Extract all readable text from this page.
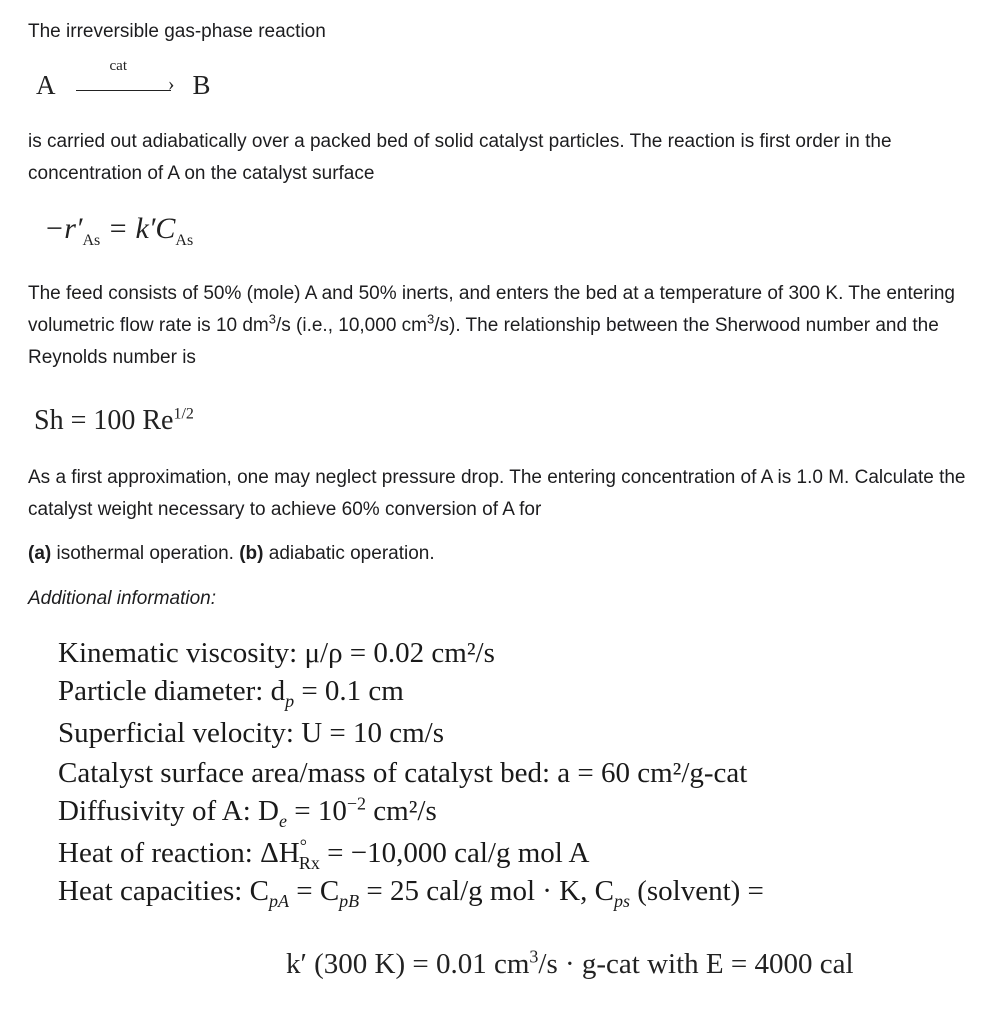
The irreversible gas-phase reaction

A	›
cat
B

is carried out adiabatically over a packed bed of solid catalyst particles. The reaction is first order in the concentration of A on the catalyst surface

$-r'_{As} = k'C_{As}$

The feed consists of 50% (mole) A and 50% inerts, and enters the bed at a temperature of 300 K. The entering volumetric flow rate is 10 $dm^3/s$ (i.e., 10,000 $cm^3/s$). The relationship between the Sherwood number and the Reynolds number is

Sh = 100 $Re^{1/2}$

As a first approximation, one may neglect pressure drop. The entering concentration of A is 1.0 M. Calculate the catalyst weight necessary to achieve 60% conversion of A for

(a) isothermal operation. (b) adiabatic operation.

Additional information:

Kinematic viscosity: μ/ρ = 0.02 cm²/s
Particle diameter: $d_p = 0.1$ cm
Superficial velocity: U = 10 cm/s
Catalyst surface area/mass of catalyst bed: a = 60 cm²/g-cat
Diffusivity of A: $D_e = 10^{-2}$ cm²/s
Heat of reaction: $\Delta H^\circ_{Rx} = -10,000$ cal/g mol A
Heat capacities: $C_{pA} = C_{pB} = 25$ cal/g mol · K, $C_{ps}$ (solvent) =
k′ (300 K) = 0.01 $cm^3/s \cdot g-cat$ with E = 4000 cal
